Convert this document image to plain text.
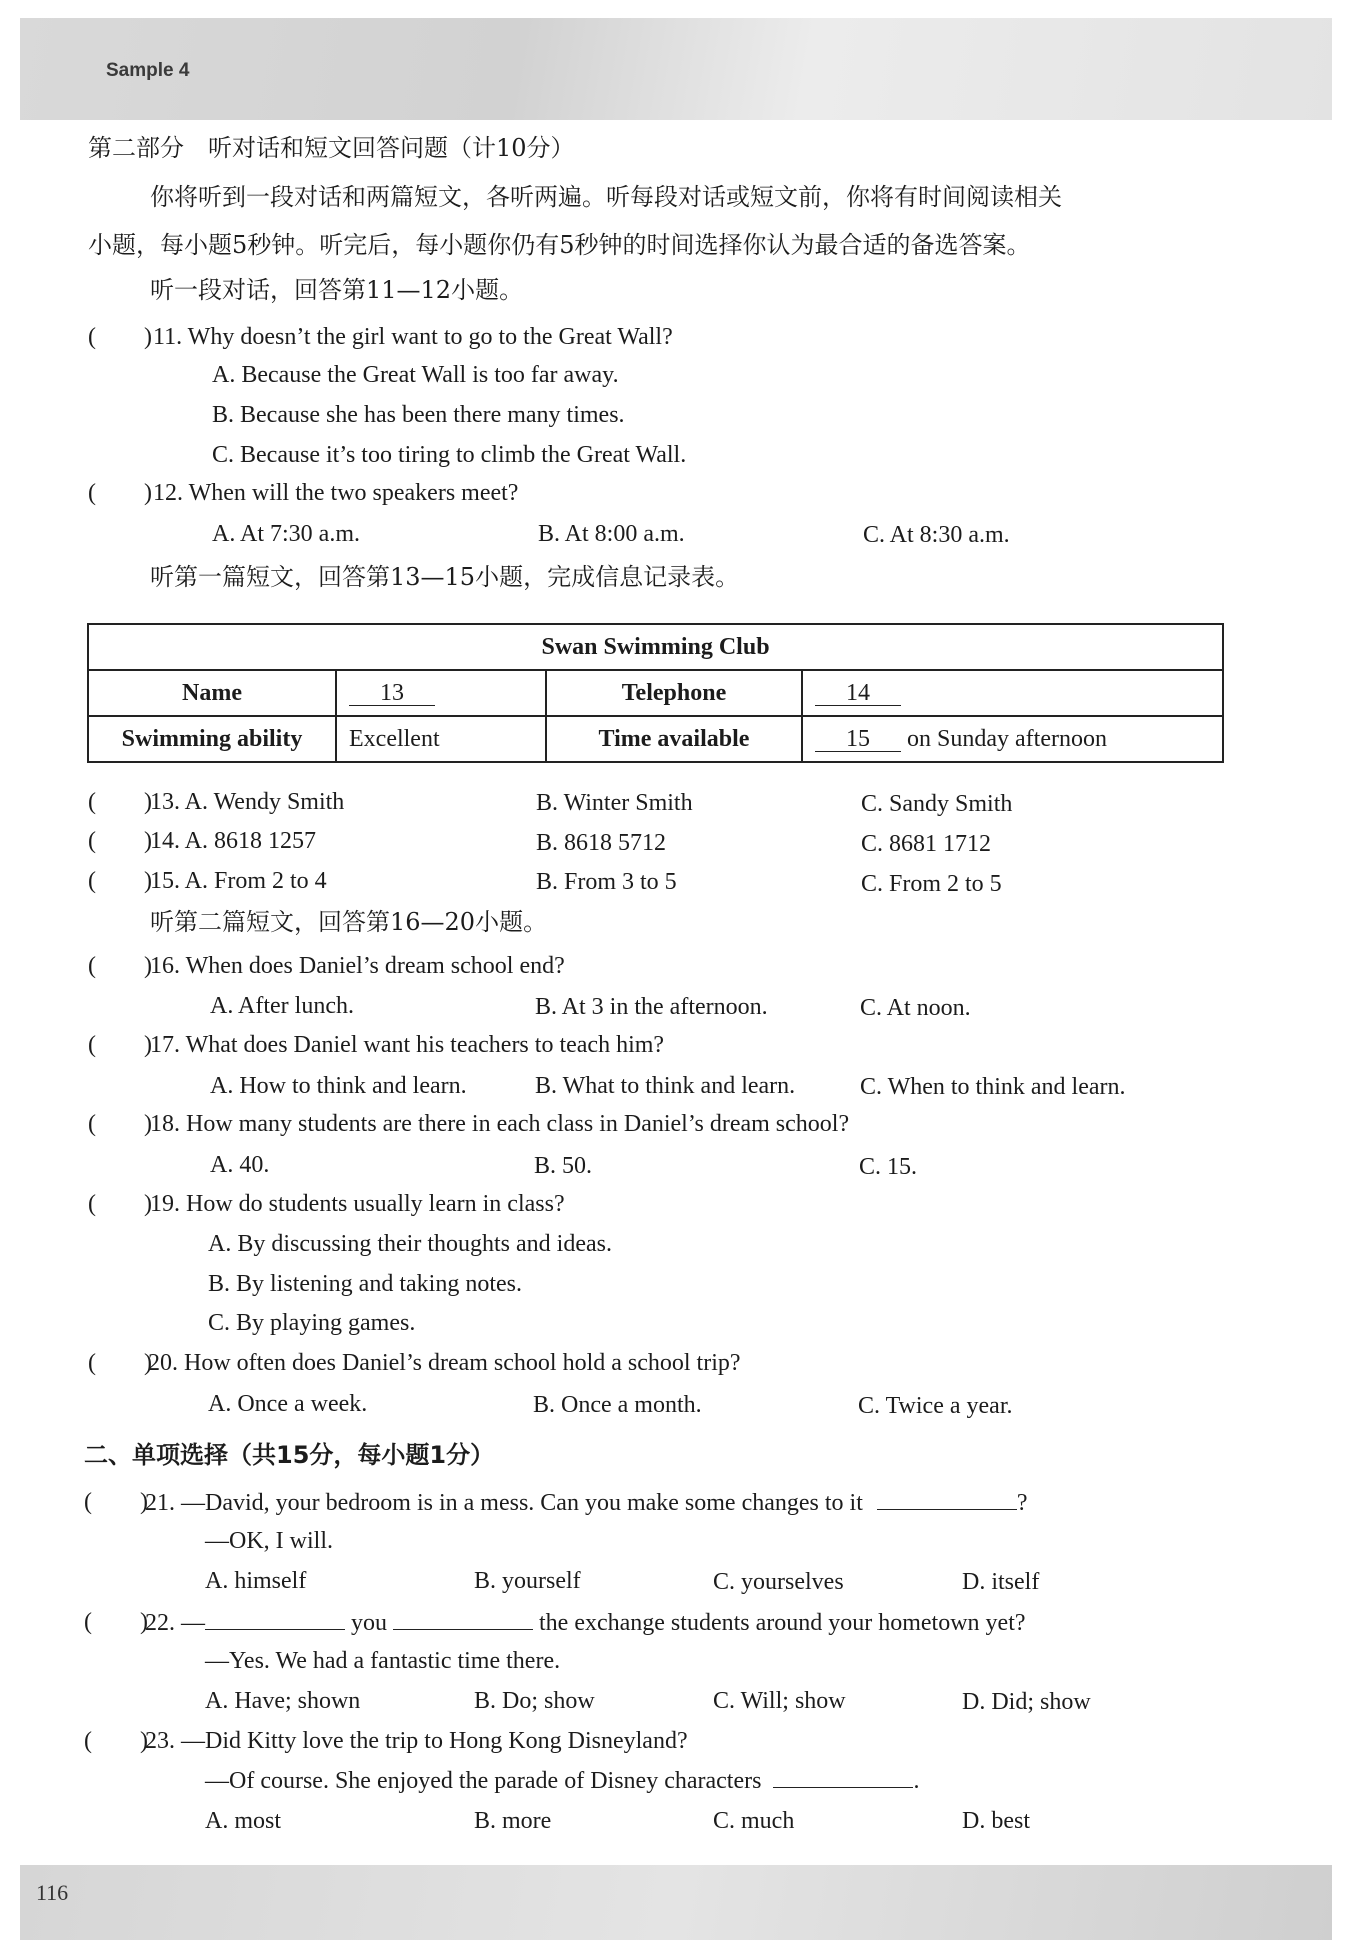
Sample 4
116
第二部分　听对话和短文回答问题（计10分）
你将听到一段对话和两篇短文，各听两遍。听每段对话或短文前，你将有时间阅读相关
小题，每小题5秒钟。听完后，每小题你仍有5秒钟的时间选择你认为最合适的备选答案。
听一段对话，回答第11—12小题。
(　　) 11. Why doesn’t the girl want to go to the Great Wall?
A. Because the Great Wall is too far away.
B. Because she has been there many times.
C. Because it’s too tiring to climb the Great Wall.
(　　) 12. When will the two speakers meet?
A. At 7:30 a.m.	B. At 8:00 a.m.	C. At 8:30 a.m.
听第一篇短文，回答第13—15小题，完成信息记录表。
Swan Swimming Club			
Name	13	Telephone	14
Swimming ability	Excellent	Time available	15 on Sunday afternoon
(　　)
13. A. Wendy Smith	B. Winter Smith	C. Sandy Smith
(　　)
14. A. 8618 1257	B. 8618 5712	C. 8681 1712
(　　)
15. A. From 2 to 4	B. From 3 to 5	C. From 2 to 5
听第二篇短文，回答第16—20小题。
(　　)
16. When does Daniel’s dream school end?
A. After lunch.	B. At 3 in the afternoon.	C. At noon.
(　　)
17. What does Daniel want his teachers to teach him?
A. How to think and learn.	B. What to think and learn.	C. When to think and learn.
(　　)
18. How many students are there in each class in Daniel’s dream school?
A. 40.	B. 50.	C. 15.
(　　)
19. How do students usually learn in class?
A. By discussing their thoughts and ideas.
B. By listening and taking notes.
C. By playing games.
(　　)
20. How often does Daniel’s dream school hold a school trip?
A. Once a week.	B. Once a month.	C. Twice a year.
二、单项选择（共15分，每小题1分）
(　　)
21. —David, your bedroom is in a mess. Can you make some changes to it	?
—OK, I will.
A. himself	B. yourself	C. yourselves	D. itself
(　　)
22. —	you	the exchange students around your hometown yet?
—Yes. We had a fantastic time there.
A. Have; shown	B. Do; show	C. Will; show	D. Did; show
(　　)
23. —Did Kitty love the trip to Hong Kong Disneyland?
—Of course. She enjoyed the parade of Disney characters	.
A. most	B. more	C. much	D. best
